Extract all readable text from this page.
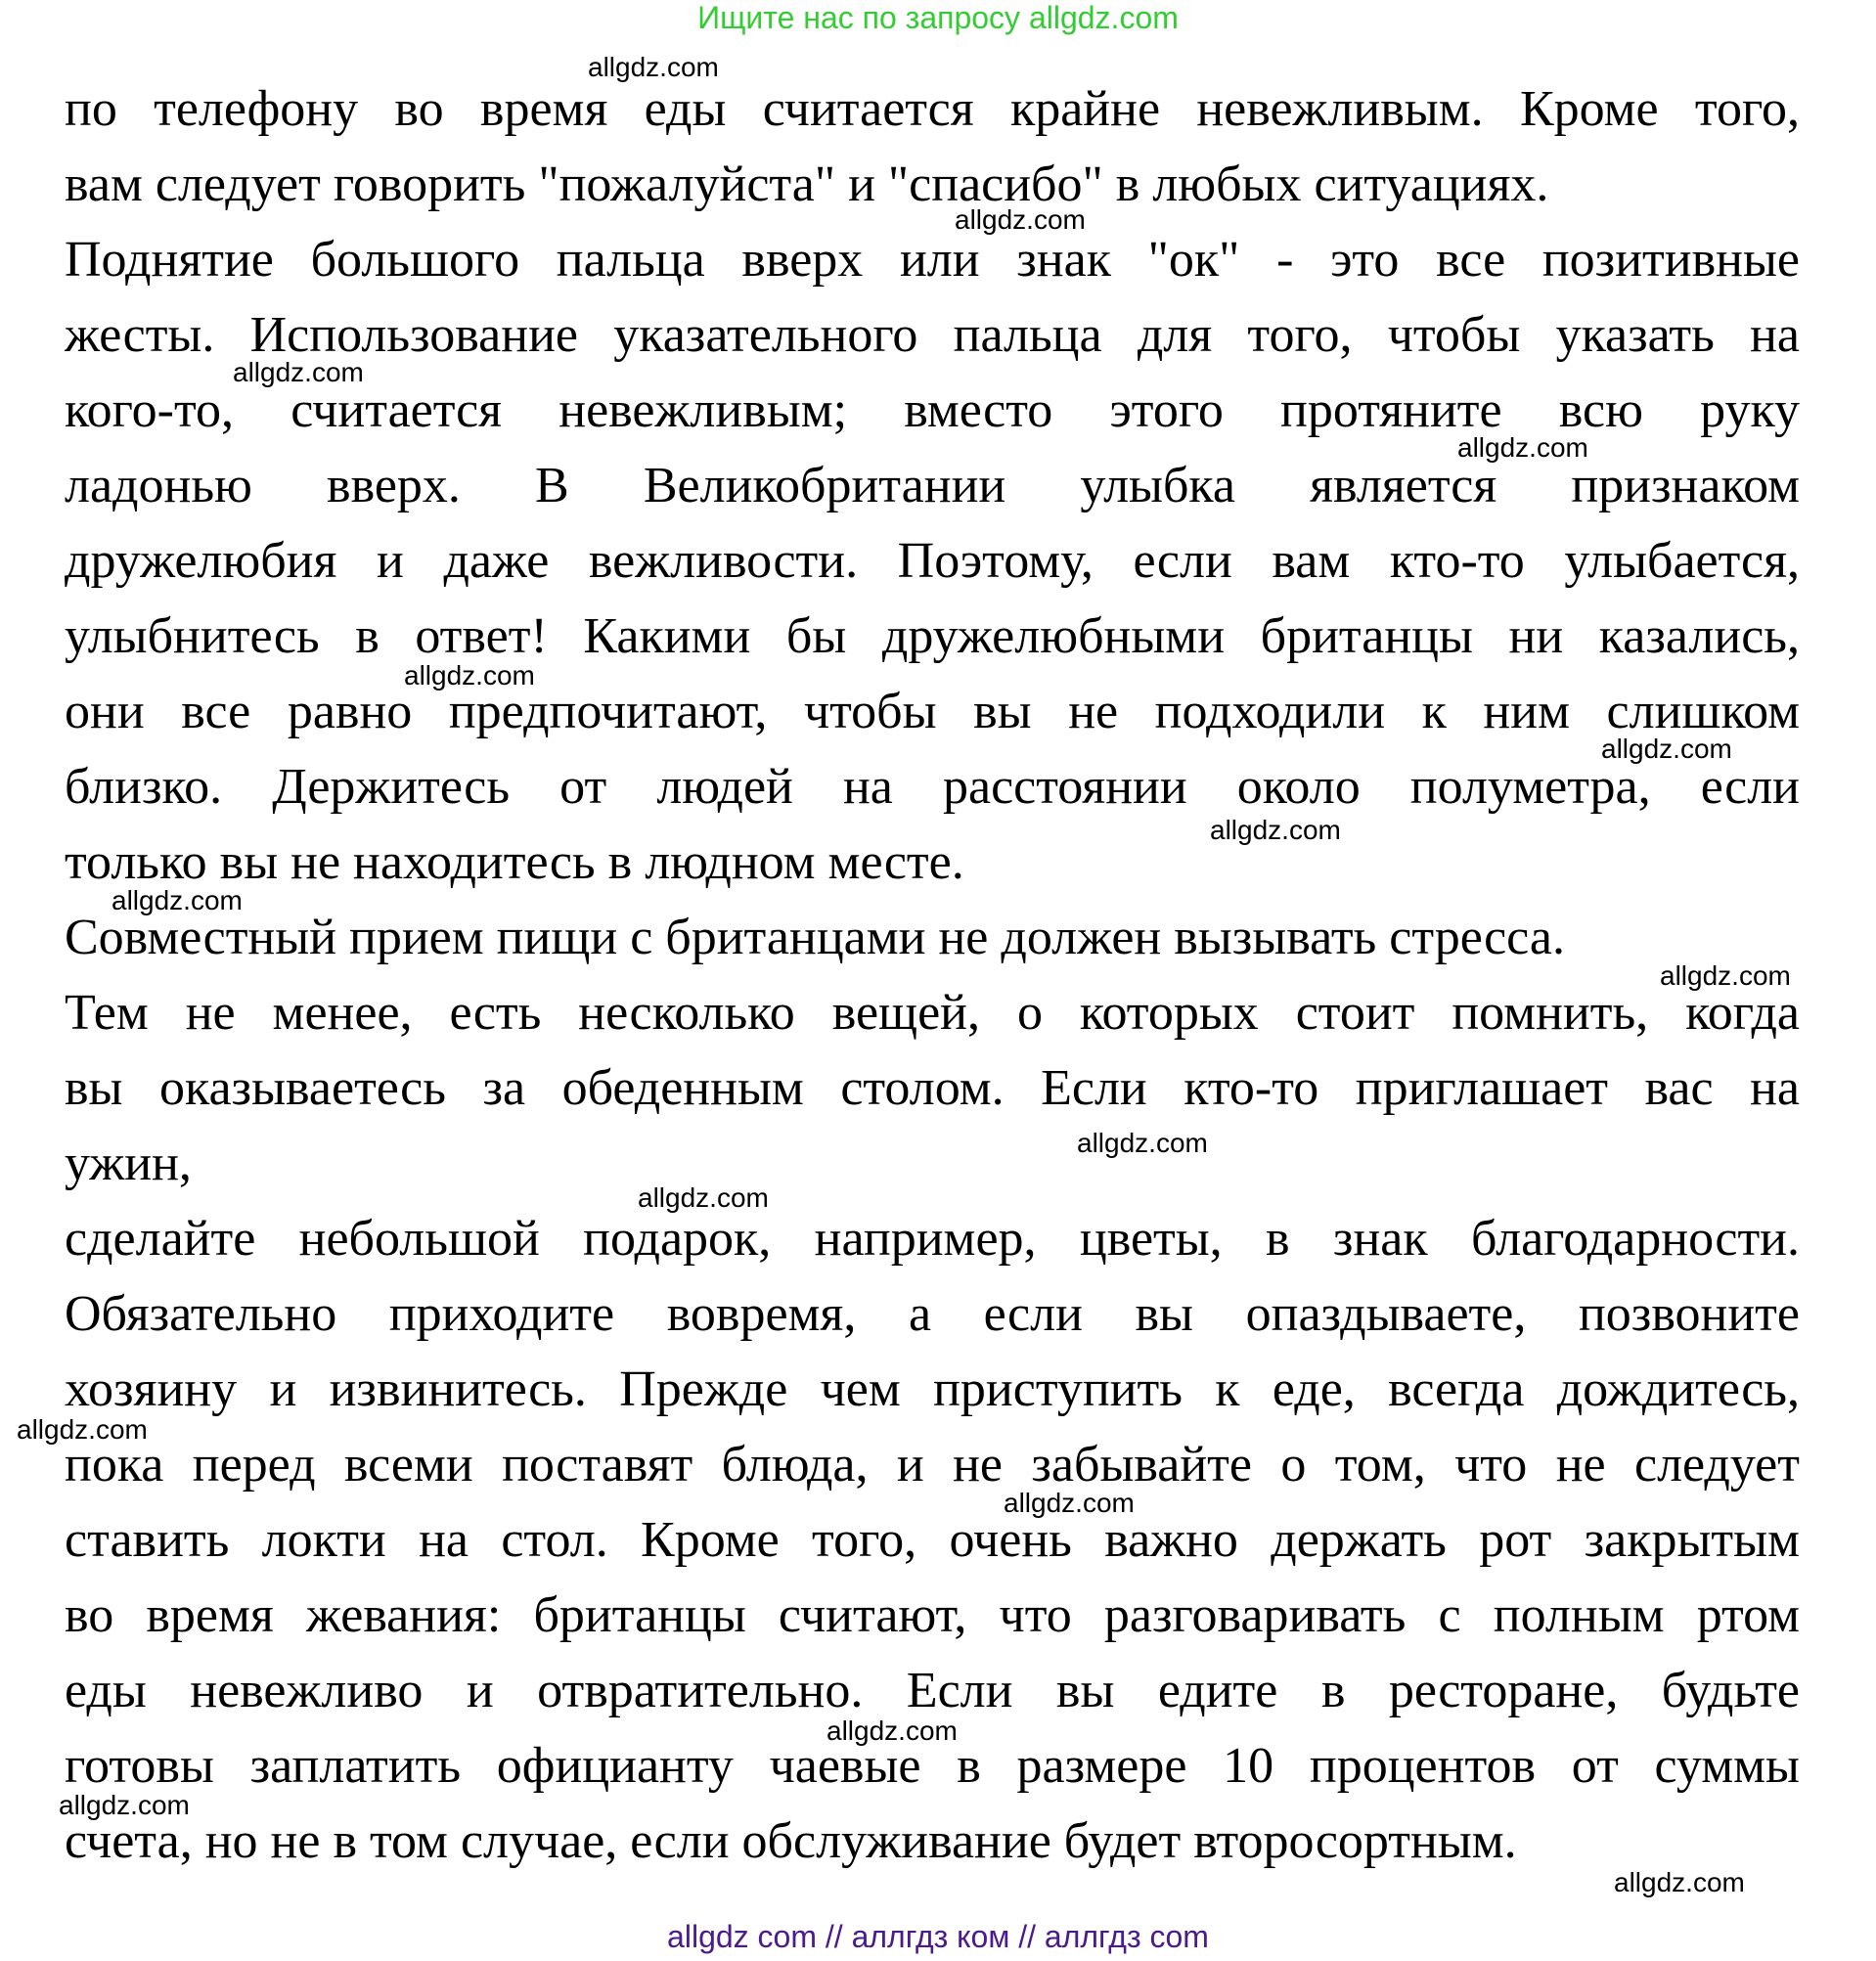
Ищите нас по запросу allgdz.com
по телефону во время еды считается крайне невежливым. Кроме того,
вам следует говорить "пожалуйста" и "спасибо" в любых ситуациях.
Поднятие большого пальца вверх или знак "ок" - это все позитивные
жесты. Использование указательного пальца для того, чтобы указать на
кого-то, считается невежливым; вместо этого протяните всю руку
ладонью вверх. В Великобритании улыбка является признаком
дружелюбия и даже вежливости. Поэтому, если вам кто-то улыбается,
улыбнитесь в ответ! Какими бы дружелюбными британцы ни казались,
они все равно предпочитают, чтобы вы не подходили к ним слишком
близко. Держитесь от людей на расстоянии около полуметра, если
только вы не находитесь в людном месте.
Совместный прием пищи с британцами не должен вызывать стресса.
Тем не менее, есть несколько вещей, о которых стоит помнить, когда
вы оказываетесь за обеденным столом. Если кто-то приглашает вас на
ужин,
сделайте небольшой подарок, например, цветы, в знак благодарности.
Обязательно приходите вовремя, а если вы опаздываете, позвоните
хозяину и извинитесь. Прежде чем приступить к еде, всегда дождитесь,
пока перед всеми поставят блюда, и не забывайте о том, что не следует
ставить локти на стол. Кроме того, очень важно держать рот закрытым
во время жевания: британцы считают, что разговаривать с полным ртом
еды невежливо и отвратительно. Если вы едите в ресторане, будьте
готовы заплатить официанту чаевые в размере 10 процентов от суммы
счета, но не в том случае, если обслуживание будет второсортным.
allgdz.com
allgdz.com
allgdz.com
allgdz.com
allgdz.com
allgdz.com
allgdz.com
allgdz.com
allgdz.com
allgdz.com
allgdz.com
allgdz.com
allgdz.com
allgdz.com
allgdz.com
allgdz.com
allgdz com // аллгдз ком // аллгдз com
